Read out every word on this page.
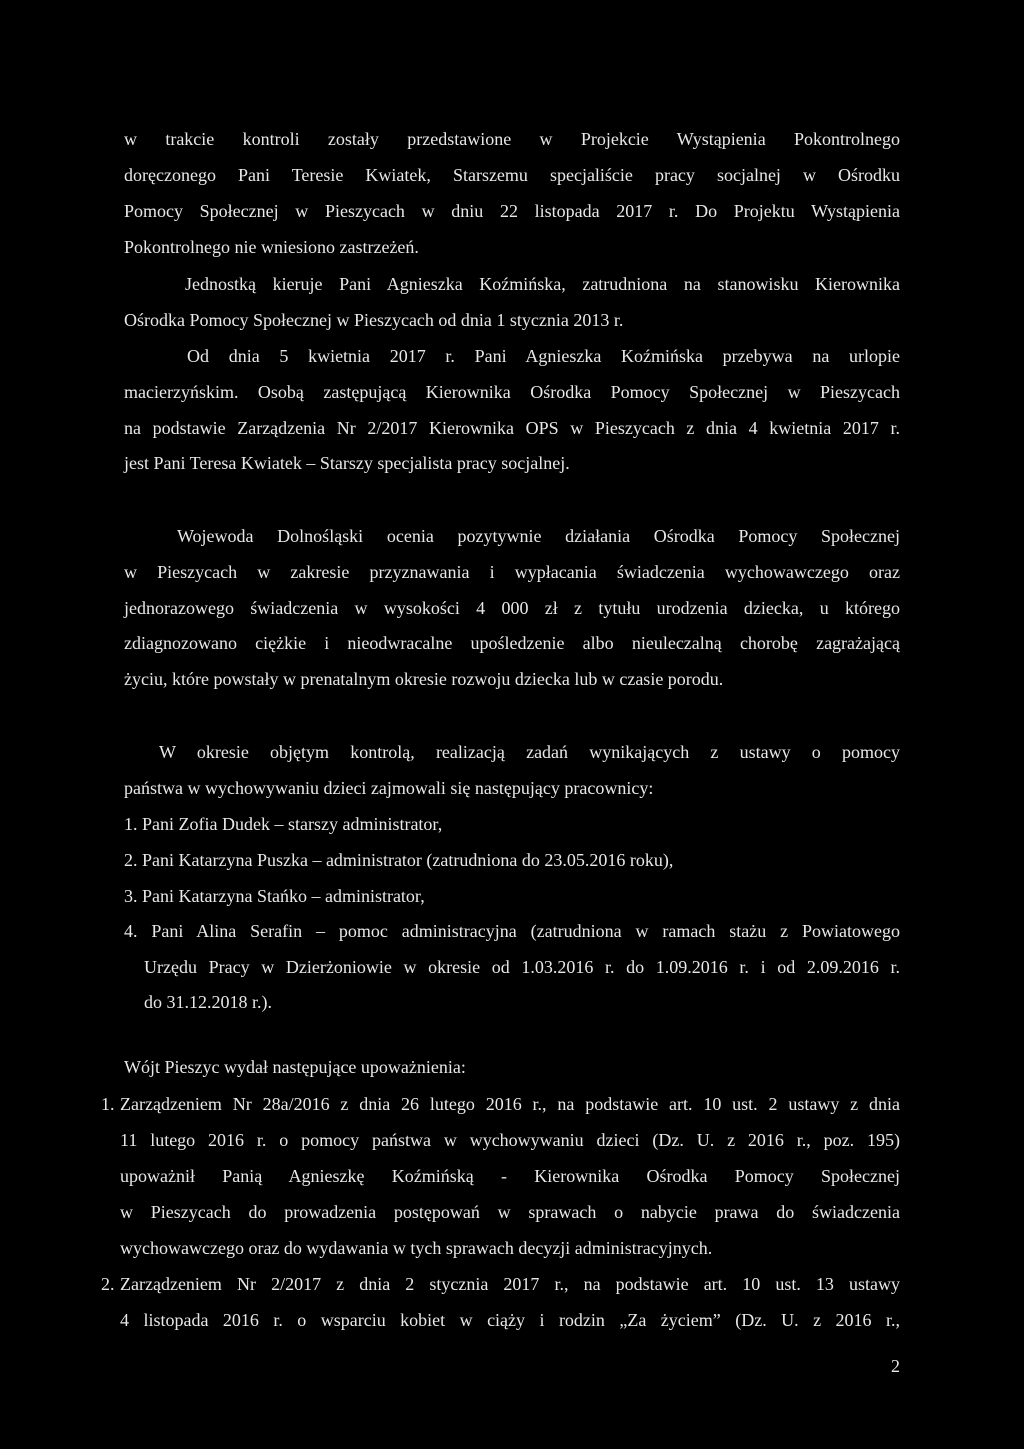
w trakcie kontroli zostały przedstawione w Projekcie Wystąpienia Pokontrolnego
doręczonego Pani Teresie Kwiatek, Starszemu specjaliście pracy socjalnej w Ośrodku
Pomocy Społecznej w Pieszycach w dniu 22 listopada 2017 r. Do Projektu Wystąpienia
Pokontrolnego nie wniesiono zastrzeżeń.
Jednostką kieruje Pani Agnieszka Koźmińska, zatrudniona na stanowisku Kierownika
Ośrodka Pomocy Społecznej w Pieszycach od dnia 1 stycznia 2013 r.
Od dnia 5 kwietnia 2017 r. Pani Agnieszka Koźmińska przebywa na urlopie
macierzyńskim. Osobą zastępującą Kierownika Ośrodka Pomocy Społecznej w Pieszycach
na podstawie Zarządzenia Nr 2/2017 Kierownika OPS w Pieszycach z dnia 4 kwietnia 2017 r.
jest Pani Teresa Kwiatek – Starszy specjalista pracy socjalnej.
Wojewoda Dolnośląski ocenia pozytywnie działania Ośrodka Pomocy Społecznej
w Pieszycach w zakresie przyznawania i wypłacania świadczenia wychowawczego oraz
jednorazowego świadczenia w wysokości 4 000 zł z tytułu urodzenia dziecka, u którego
zdiagnozowano ciężkie i nieodwracalne upośledzenie albo nieuleczalną chorobę zagrażającą
życiu, które powstały w prenatalnym okresie rozwoju dziecka lub w czasie porodu.
W okresie objętym kontrolą, realizacją zadań wynikających z ustawy o pomocy
państwa w wychowywaniu dzieci zajmowali się następujący pracownicy:
1. Pani Zofia Dudek – starszy administrator,
2. Pani Katarzyna Puszka – administrator (zatrudniona do 23.05.2016 roku),
3. Pani Katarzyna Stańko – administrator,
4. Pani Alina Serafin – pomoc administracyjna (zatrudniona w ramach stażu z Powiatowego
Urzędu Pracy w Dzierżoniowie w okresie od 1.03.2016 r. do 1.09.2016 r. i od 2.09.2016 r.
do 31.12.2018 r.).
Wójt Pieszyc wydał następujące upoważnienia:
1. Zarządzeniem Nr 28a/2016 z dnia 26 lutego 2016 r., na podstawie art. 10 ust. 2 ustawy z dnia
11 lutego 2016 r. o pomocy państwa w wychowywaniu dzieci (Dz. U. z 2016 r., poz. 195)
upoważnił Panią Agnieszkę Koźmińską - Kierownika Ośrodka Pomocy Społecznej
w Pieszycach do prowadzenia postępowań w sprawach o nabycie prawa do świadczenia
wychowawczego oraz do wydawania w tych sprawach decyzji administracyjnych.
2. Zarządzeniem Nr 2/2017 z dnia 2 stycznia 2017 r., na podstawie art. 10 ust. 13 ustawy
4 listopada 2016 r. o wsparciu kobiet w ciąży i rodzin „Za życiem” (Dz. U. z 2016 r.,
2
